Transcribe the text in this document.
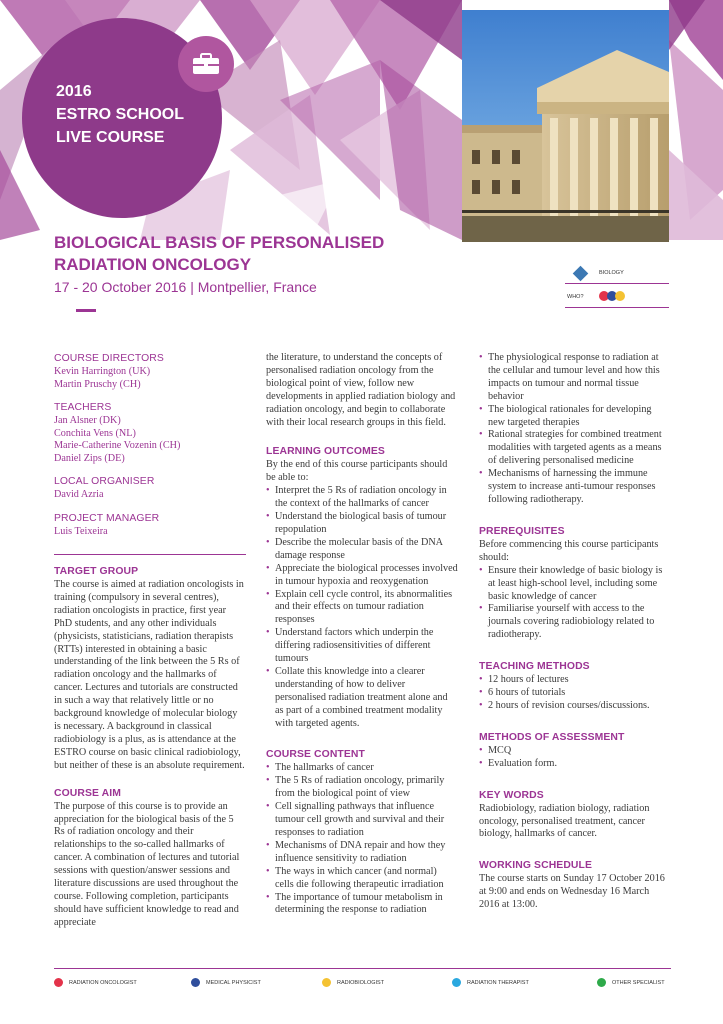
2016
ESTRO SCHOOL
LIVE COURSE
BIOLOGICAL BASIS OF PERSONALISED
RADIATION ONCOLOGY
17 - 20 October 2016 | Montpellier, France
BIOLOGY
WHO?
COURSE DIRECTORS
Kevin Harrington (UK)
Martin Pruschy (CH)
TEACHERS
Jan Alsner (DK)
Conchita Vens (NL)
Marie-Catherine Vozenin (CH)
Daniel Zips (DE)
LOCAL ORGANISER
David Azria
PROJECT MANAGER
Luis Teixeira
TARGET GROUP

The course is aimed at radiation oncologists in training (compulsory in several centres), radiation oncologists in practice, first year PhD students, and any other individuals (physicists, statisticians, radiation therapists (RTTs) interested in obtaining a basic understanding of the link between the 5 Rs of radiation oncology and the hallmarks of cancer. Lectures and tutorials are constructed in such a way that relatively little or no background knowledge of molecular biology is necessary. A background in classical radiobiology is a plus, as is attendance at the ESTRO course on basic clinical radiobiology, but neither of these is an absolute requirement.

COURSE AIM

The purpose of this course is to provide an appreciation for the biological basis of the 5 Rs of radiation oncology and their relationships to the so-called hallmarks of cancer. A combination of lectures and tutorial sessions with question/answer sessions and literature discussions are used throughout the course. Following completion, participants should have sufficient knowledge to read and appreciate

the literature, to understand the concepts of personalised radiation oncology from the biological point of view, follow new developments in applied radiation biology and radiation oncology, and begin to collaborate with their local research groups in this field.

LEARNING OUTCOMES

By the end of this course participants should be able to:

• Interpret the 5 Rs of radiation oncology in the context of the hallmarks of cancer
• Understand the biological basis of tumour repopulation
• Describe the molecular basis of the DNA damage response
• Appreciate the biological processes involved in tumour hypoxia and reoxygenation
• Explain cell cycle control, its abnormalities and their effects on tumour radiation responses
• Understand factors which underpin the differing radiosensitivities of different tumours
• Collate this knowledge into a clearer understanding of how to deliver personalised radiation treatment alone and as part of a combined treatment modality with targeted agents.
COURSE CONTENT
• The hallmarks of cancer
• The 5 Rs of radiation oncology, primarily from the biological point of view
• Cell signalling pathways that influence tumour cell growth and survival and their responses to radiation
• Mechanisms of DNA repair and how they influence sensitivity to radiation
• The ways in which cancer (and normal) cells die following therapeutic irradiation
• The importance of tumour metabolism in determining the response to radiation
• The physiological response to radiation at the cellular and tumour level and how this impacts on tumour and normal tissue behavior
• The biological rationales for developing new targeted therapies
• Rational strategies for combined treatment modalities with targeted agents as a means of delivering personalised medicine
• Mechanisms of harnessing the immune system to increase anti-tumour responses following radiotherapy.
PREREQUISITES

Before commencing this course participants should:

• Ensure their knowledge of basic biology is at least high-school level, including some basic knowledge of cancer
• Familiarise yourself with access to the journals covering radiobiology related to radiotherapy.
TEACHING METHODS
• 12 hours of lectures
• 6 hours of tutorials
• 2 hours of revision courses/discussions.
METHODS OF ASSESSMENT
• MCQ
• Evaluation form.
KEY WORDS

Radiobiology, radiation biology, radiation oncology, personalised treatment, cancer biology, hallmarks of cancer.

WORKING SCHEDULE

The course starts on Sunday 17 October 2016 at 9:00 and ends on Wednesday 16 March 2016 at 13:00.

RADIATION ONCOLOGIST	MEDICAL PHYSICIST	RADIOBIOLOGIST	RADIATION THERAPIST	OTHER SPECIALIST
